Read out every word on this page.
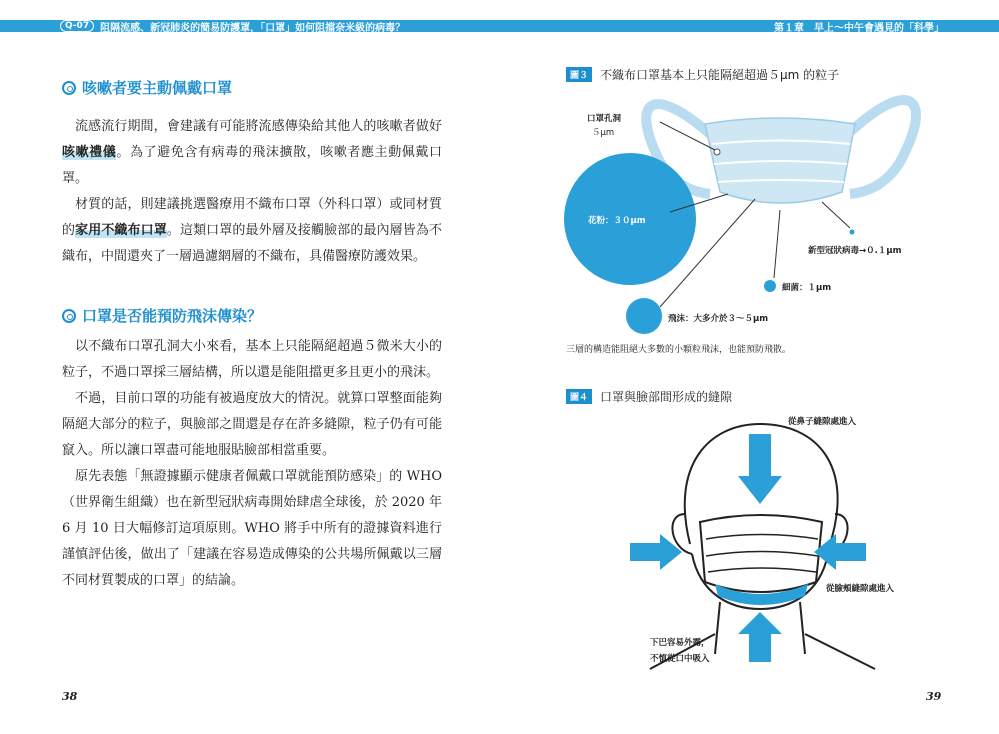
Q-07	阻隔流感、新冠肺炎的簡易防護罩，「口罩」如何阻擋奈米級的病毒？	第１章　早上～中午會遇見的「科學」
咳嗽者要主動佩戴口罩

流感流行期間，會建議有可能將流感傳染給其他人的咳嗽者做好咳嗽禮儀。為了避免含有病毒的飛沫擴散，咳嗽者應主動佩戴口罩。

材質的話，則建議挑選醫療用不織布口罩（外科口罩）或同材質的家用不織布口罩。這類口罩的最外層及接觸臉部的最內層皆為不織布，中間還夾了一層過濾網層的不織布，具備醫療防護效果。

口罩是否能預防飛沫傳染？

以不織布口罩孔洞大小來看，基本上只能隔絕超過５微米大小的粒子，不過口罩採三層結構，所以還是能阻擋更多且更小的飛沫。

不過，目前口罩的功能有被過度放大的情況。就算口罩整面能夠隔絕大部分的粒子，與臉部之間還是存在許多縫隙，粒子仍有可能竄入。所以讓口罩盡可能地服貼臉部相當重要。

原先表態「無證據顯示健康者佩戴口罩就能預防感染」的 WHO（世界衛生組織）也在新型冠狀病毒開始肆虐全球後，於 2020 年 6 月 10 日大幅修訂這項原則。WHO 將手中所有的證據資料進行謹慎評估後，做出了「建議在容易造成傳染的公共場所佩戴以三層不同材質製成的口罩」的結論。

38
圖３	不織布口罩基本上只能隔絕超過５μm 的粒子
口罩孔洞
５μm
花粉：３０μm
新型冠狀病毒→０.１μm
細菌：１μm
飛沫：大多介於３～５μm
三層的構造能阻絕大多數的小顆粒飛沫，也能預防飛散。
圖４	口罩與臉部間形成的縫隙
從鼻子縫隙處進入
從臉頰縫隙處進入
下巴容易外露，
不慎從口中吸入
39
